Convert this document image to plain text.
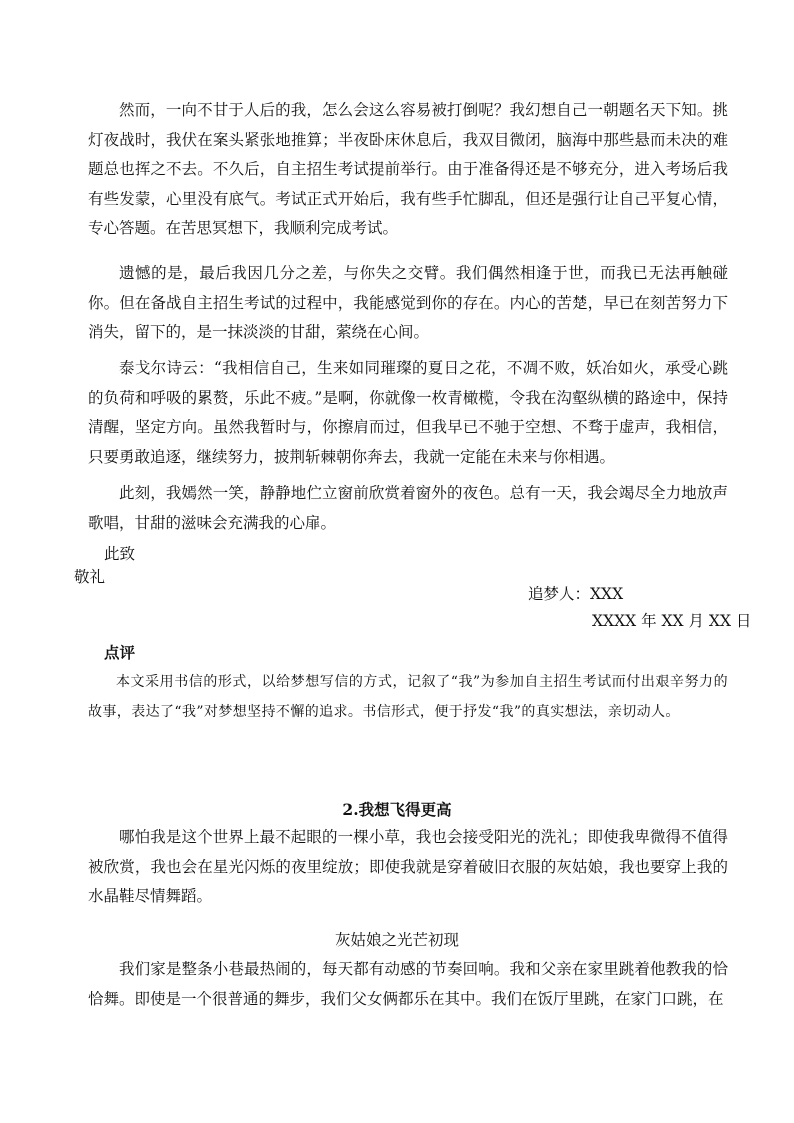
然而，一向不甘于人后的我，怎么会这么容易被打倒呢？我幻想自己一朝题名天下知。挑灯夜战时，我伏在案头紧张地推算；半夜卧床休息后，我双目微闭，脑海中那些悬而未决的难题总也挥之不去。不久后，自主招生考试提前举行。由于准备得还是不够充分，进入考场后我有些发蒙，心里没有底气。考试正式开始后，我有些手忙脚乱，但还是强行让自己平复心情，专心答题。在苦思冥想下，我顺利完成考试。

遗憾的是，最后我因几分之差，与你失之交臂。我们偶然相逢于世，而我已无法再触碰你。但在备战自主招生考试的过程中，我能感觉到你的存在。内心的苦楚，早已在刻苦努力下消失，留下的，是一抹淡淡的甘甜，萦绕在心间。

泰戈尔诗云：“我相信自己，生来如同璀璨的夏日之花，不凋不败，妖冶如火，承受心跳的负荷和呼吸的累赘，乐此不疲。”是啊，你就像一枚青橄榄，令我在沟壑纵横的路途中，保持清醒，坚定方向。虽然我暂时与，你擦肩而过，但我早已不驰于空想、不骛于虚声，我相信，只要勇敢追逐，继续努力，披荆斩棘朝你奔去，我就一定能在未来与你相遇。

此刻，我嫣然一笑，静静地伫立窗前欣赏着窗外的夜色。总有一天，我会竭尽全力地放声歌唱，甘甜的滋味会充满我的心扉。

此致

敬礼

追梦人：XXX

XXXX 年 XX 月 XX 日

点评

本文采用书信的形式，以给梦想写信的方式，记叙了“我”为参加自主招生考试而付出艰辛努力的故事，表达了“我”对梦想坚持不懈的追求。书信形式，便于抒发“我”的真实想法，亲切动人。

2.我想飞得更高

哪怕我是这个世界上最不起眼的一棵小草，我也会接受阳光的洗礼；即使我卑微得不值得被欣赏，我也会在星光闪烁的夜里绽放；即使我就是穿着破旧衣服的灰姑娘，我也要穿上我的水晶鞋尽情舞蹈。

灰姑娘之光芒初现

我们家是整条小巷最热闹的，每天都有动感的节奏回响。我和父亲在家里跳着他教我的恰恰舞。即使是一个很普通的舞步，我们父女俩都乐在其中。我们在饭厅里跳，在家门口跳，在
